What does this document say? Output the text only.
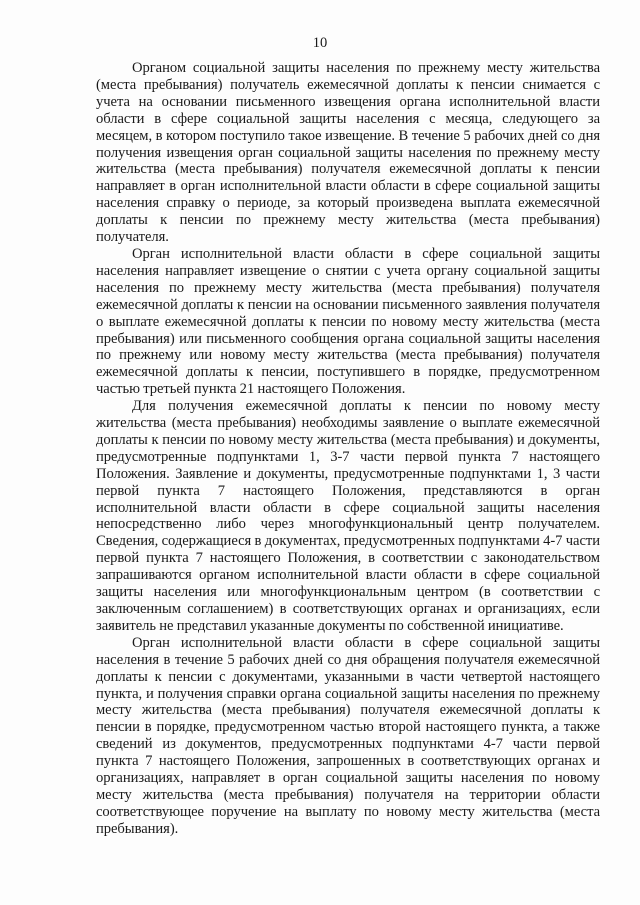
10

Органом социальной защиты населения по прежнему месту жительства (места пребывания) получатель ежемесячной доплаты к пенсии снимается с учета на основании письменного извещения органа исполнительной власти области в сфере социальной защиты населения с месяца, следующего за месяцем, в котором поступило такое извещение. В течение 5 рабочих дней со дня получения извещения орган социальной защиты населения по прежнему месту жительства (места пребывания) получателя ежемесячной доплаты к пенсии направляет в орган исполнительной власти области в сфере социальной защиты населения справку о периоде, за который произведена выплата ежемесячной доплаты к пенсии по прежнему месту жительства (места пребывания) получателя.

Орган исполнительной власти области в сфере социальной защиты населения направляет извещение о снятии с учета органу социальной защиты населения по прежнему месту жительства (места пребывания) получателя ежемесячной доплаты к пенсии на основании письменного заявления получателя о выплате ежемесячной доплаты к пенсии по новому месту жительства (места пребывания) или письменного сообщения органа социальной защиты населения по прежнему или новому месту жительства (места пребывания) получателя ежемесячной доплаты к пенсии, поступившего в порядке, предусмотренном частью третьей пункта 21 настоящего Положения.

Для получения ежемесячной доплаты к пенсии по новому месту жительства (места пребывания) необходимы заявление о выплате ежемесячной доплаты к пенсии по новому месту жительства (места пребывания) и документы, предусмотренные подпунктами 1, 3-7 части первой пункта 7 настоящего Положения. Заявление и документы, предусмотренные подпунктами 1, 3 части первой пункта 7 настоящего Положения, представляются в орган исполнительной власти области в сфере социальной защиты населения непосредственно либо через многофункциональный центр получателем. Сведения, содержащиеся в документах, предусмотренных подпунктами 4-7 части первой пункта 7 настоящего Положения, в соответствии с законодательством запрашиваются органом исполнительной власти области в сфере социальной защиты населения или многофункциональным центром (в соответствии с заключенным соглашением) в соответствующих органах и организациях, если заявитель не представил указанные документы по собственной инициативе.

Орган исполнительной власти области в сфере социальной защиты населения в течение 5 рабочих дней со дня обращения получателя ежемесячной доплаты к пенсии с документами, указанными в части четвертой настоящего пункта, и получения справки органа социальной защиты населения по прежнему месту жительства (места пребывания) получателя ежемесячной доплаты к пенсии в порядке, предусмотренном частью второй настоящего пункта, а также сведений из документов, предусмотренных подпунктами 4-7 части первой пункта 7 настоящего Положения, запрошенных в соответствующих органах и организациях, направляет в орган социальной защиты населения по новому месту жительства (места пребывания) получателя на территории области соответствующее поручение на выплату по новому месту жительства (места пребывания).
